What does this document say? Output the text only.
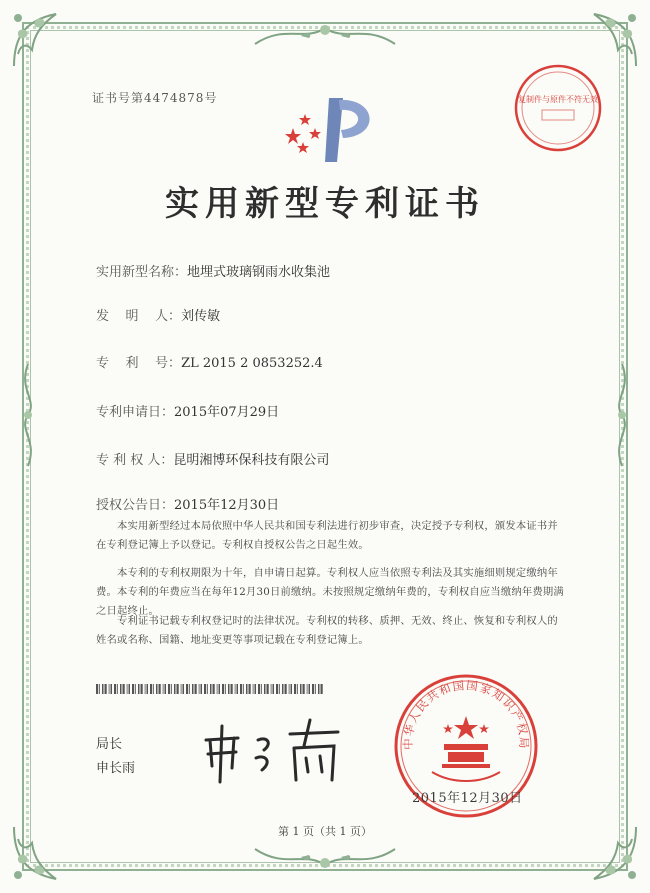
证书号第4474878号	复制件与原件不符无效
实用新型专利证书
实用新型名称：地埋式玻璃钢雨水收集池
发    明    人：刘传敏
专    利    号：ZL 2015 2 0853252.4
专利申请日：2015年07月29日
专 利 权 人：昆明湘博环保科技有限公司
授权公告日：2015年12月30日
本实用新型经过本局依照中华人民共和国专利法进行初步审查，决定授予专利权，颁发本证书并在专利登记簿上予以登记。专利权自授权公告之日起生效。
本专利的专利权期限为十年，自申请日起算。专利权人应当依照专利法及其实施细则规定缴纳年费。本专利的年费应当在每年12月30日前缴纳。未按照规定缴纳年费的，专利权自应当缴纳年费期满之日起终止。
专利证书记载专利权登记时的法律状况。专利权的转移、质押、无效、终止、恢复和专利权人的姓名或名称、国籍、地址变更等事项记载在专利登记簿上。
局长
申长雨
中华人民共和国国家知识产权局
2015年12月30日
第 1 页（共 1 页）
